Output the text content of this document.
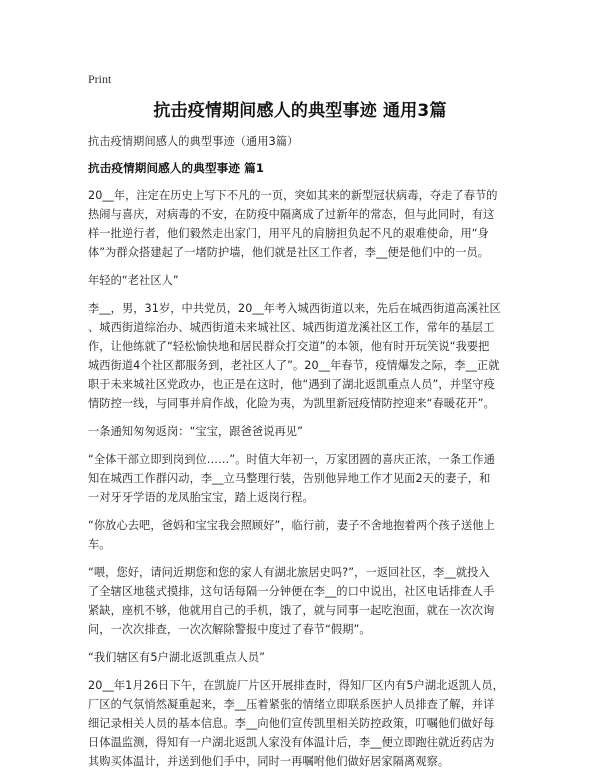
Print
抗击疫情期间感人的典型事迹 通用3篇
抗击疫情期间感人的典型事迹（通用3篇）
抗击疫情期间感人的典型事迹 篇1
20__年，注定在历史上写下不凡的一页，突如其来的新型冠状病毒，夺走了春节的
热闹与喜庆，对病毒的不安，在防疫中隔离成了过新年的常态，但与此同时，有这
样一批逆行者，他们毅然走出家门，用平凡的肩膀担负起不凡的艰难使命，用“身
体”为群众搭建起了一堵防护墙，他们就是社区工作者，李__便是他们中的一员。
年轻的“老社区人”
李__，男，31岁，中共党员，20__年考入城西街道以来，先后在城西街道高溪社区
、城西街道综治办、城西街道未来城社区、城西街道龙溪社区工作，常年的基层工
作，让他练就了“轻松愉快地和居民群众打交道”的本领，他有时开玩笑说“我要把
城西街道4个社区都服务到，老社区人了”。20__年春节，疫情爆发之际，李__正就
职于未来城社区党政办，也正是在这时，他“遇到了湖北返凯重点人员”，并坚守疫
情防控一线，与同事并肩作战，化险为夷，为凯里新冠疫情防控迎来“春暖花开”。
一条通知匆匆返岗：“宝宝，跟爸爸说再见”
“全体干部立即到岗到位……”。时值大年初一，万家团圆的喜庆正浓，一条工作通
知在城西工作群闪动，李__立马整理行装，告别他异地工作才见面2天的妻子，和
一对牙牙学语的龙凤胎宝宝，踏上返岗行程。
“你放心去吧，爸妈和宝宝我会照顾好”，临行前，妻子不舍地抱着两个孩子送他上
车。
“喂，您好，请问近期您和您的家人有湖北旅居史吗?”，一返回社区，李__就投入
了全辖区地毯式摸排，这句话每隔一分钟便在李__的口中说出，社区电话排查人手
紧缺，座机不够，他就用自己的手机，饿了，就与同事一起吃泡面，就在一次次询
问，一次次排查，一次次解除警报中度过了春节“假期”。
“我们辖区有5户湖北返凯重点人员”
20__年1月26日下午，在凯旋厂片区开展排查时，得知厂区内有5户湖北返凯人员，
厂区的气氛悄然凝重起来，李__压着紧张的情绪立即联系医护人员排查了解，并详
细记录相关人员的基本信息。李__向他们宣传凯里相关防控政策，叮嘱他们做好每
日体温监测，得知有一户湖北返凯人家没有体温计后，李__便立即跑往就近药店为
其购买体温计，并送到他们手中，同时一再嘱咐他们做好居家隔离观察。
